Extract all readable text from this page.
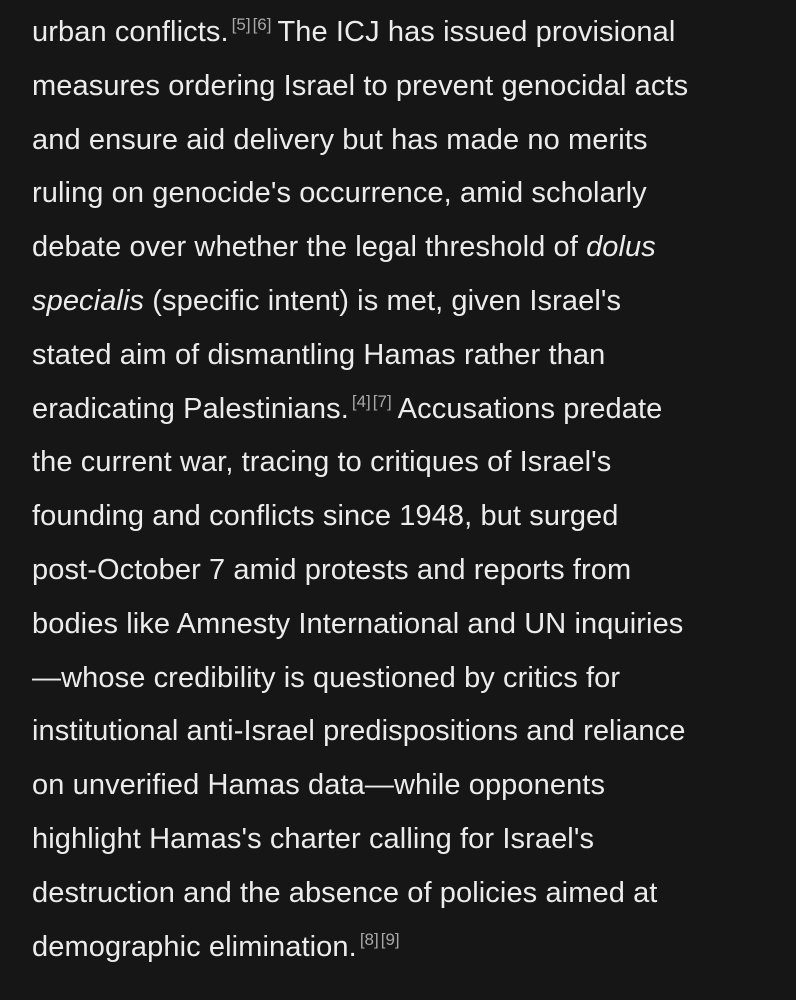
urban conflicts. [5] [6] The ICJ has issued provisional
measures ordering Israel to prevent genocidal acts
and ensure aid delivery but has made no merits
ruling on genocide's occurrence, amid scholarly
debate over whether the legal threshold of dolus
specialis (specific intent) is met, given Israel's
stated aim of dismantling Hamas rather than
eradicating Palestinians. [4] [7] Accusations predate
the current war, tracing to critiques of Israel's
founding and conflicts since 1948, but surged
post-October 7 amid protests and reports from
bodies like Amnesty International and UN inquiries
—whose credibility is questioned by critics for
institutional anti-Israel predispositions and reliance
on unverified Hamas data—while opponents
highlight Hamas's charter calling for Israel's
destruction and the absence of policies aimed at
demographic elimination. [8] [9]
